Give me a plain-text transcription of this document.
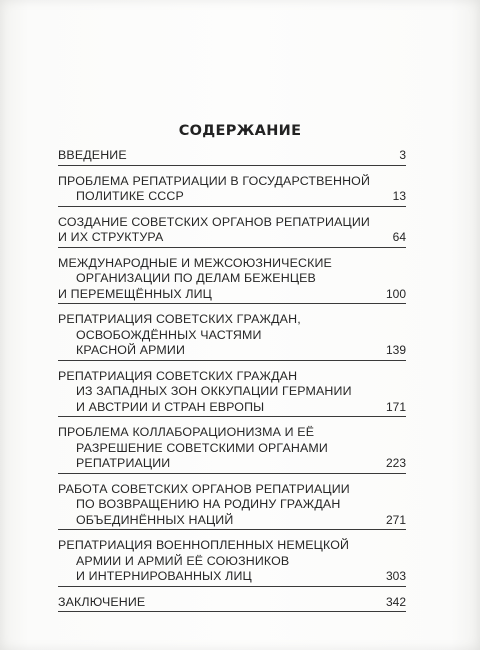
СОДЕРЖАНИЕ
ВВЕДЕНИЕ	3
ПРОБЛЕМА РЕПАТРИАЦИИ В ГОСУДАРСТВЕННОЙ
ПОЛИТИКЕ СССР	13
СОЗДАНИЕ СОВЕТСКИХ ОРГАНОВ РЕПАТРИАЦИИ
И ИХ СТРУКТУРА	64
МЕЖДУНАРОДНЫЕ И МЕЖСОЮЗНИЧЕСКИЕ
ОРГАНИЗАЦИИ ПО ДЕЛАМ БЕЖЕНЦЕВ
И ПЕРЕМЕЩЁННЫХ ЛИЦ	100
РЕПАТРИАЦИЯ СОВЕТСКИХ ГРАЖДАН,
ОСВОБОЖДЁННЫХ ЧАСТЯМИ
КРАСНОЙ АРМИИ	139
РЕПАТРИАЦИЯ СОВЕТСКИХ ГРАЖДАН
ИЗ ЗАПАДНЫХ ЗОН ОККУПАЦИИ ГЕРМАНИИ
И АВСТРИИ И СТРАН ЕВРОПЫ	171
ПРОБЛЕМА КОЛЛАБОРАЦИОНИЗМА И ЕЁ
РАЗРЕШЕНИЕ СОВЕТСКИМИ ОРГАНАМИ
РЕПАТРИАЦИИ	223
РАБОТА СОВЕТСКИХ ОРГАНОВ РЕПАТРИАЦИИ
ПО ВОЗВРАЩЕНИЮ НА РОДИНУ ГРАЖДАН
ОБЪЕДИНЁННЫХ НАЦИЙ	271
РЕПАТРИАЦИЯ ВОЕННОПЛЕННЫХ НЕМЕЦКОЙ
АРМИИ И АРМИЙ ЕЁ СОЮЗНИКОВ
И ИНТЕРНИРОВАННЫХ ЛИЦ	303
ЗАКЛЮЧЕНИЕ	342
